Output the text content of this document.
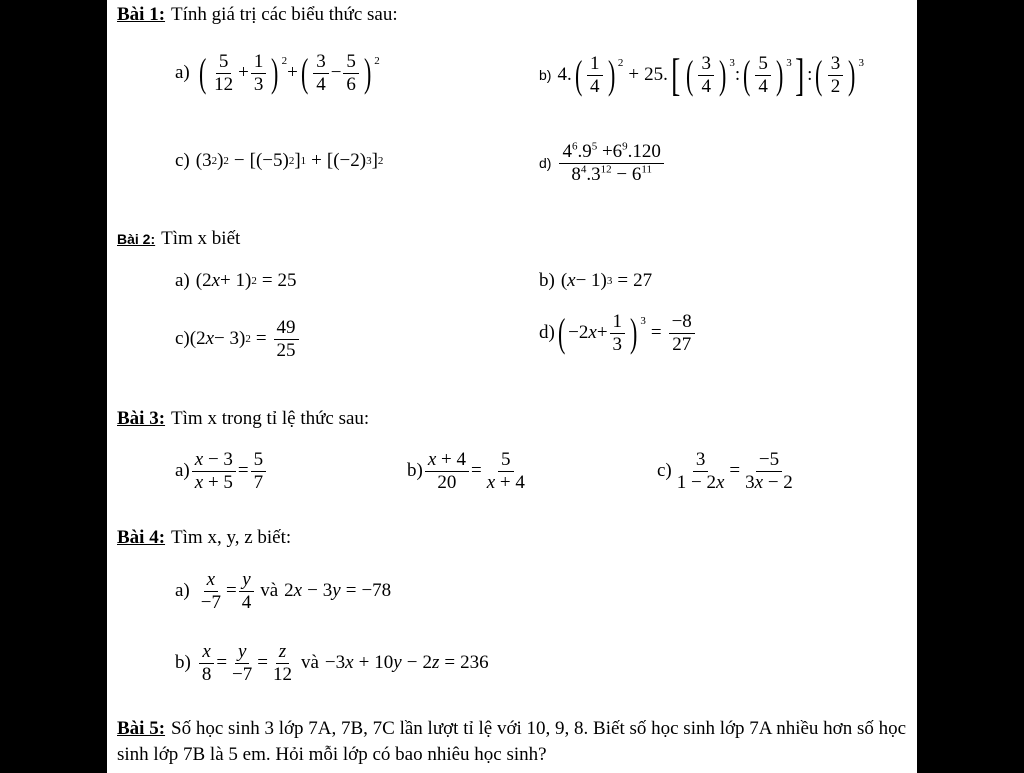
Bài 1: Tính giá trị các biểu thức sau:
a) ( $\frac{5}{12} + \frac{1}{3}$ ) $^2$
+ ( $\frac{3}{4} - \frac{5}{6}$ ) $^2$
b) 4. ( $\frac{1}{4}$ ) $^2$
+ 25. [ ( $\frac{3}{4}$ ) $^3$
: ( $\frac{5}{4}$ ) $^3$ ] : ( $\frac{3}{2}$ ) $^3$
c) (3 2 ) 2 − [(−5) 2 ] 1 + [(−2) 3 ] 2	$d) \frac{4^6.9^5 +6^9.120}{8^4.3^{12} - 6^{11}}$
Bài 2: Tìm x biết
a) (2 x + 1) 2 = 25	b) ( x − 1) 3 = 27
c) (2 x − 3) $2 = \frac{49}{25}$	d) ( −2 $x + \frac{1}{3}$ ) $^3$
= $\frac{-8}{27}$
Bài 3: Tìm x trong tỉ lệ thức sau:
$a) \frac{x - 3}{x + 5} = \frac{5}{7}$	$b) \frac{x + 4}{20} = \frac{5}{x + 4}$	$c) \frac{3}{1 - 2x} = \frac{-5}{3x - 2}$
Bài 4: Tìm x, y, z biết:
$a) \frac{x}{-7} = \frac{y}{4}$ và 2 x − 3 y = −78
$b) \frac{x}{8} = \frac{y}{-7} = \frac{z}{12}$ và −3 x + 10 y − 2 z = 236
Bài 5: Số học sinh 3 lớp 7A, 7B, 7C lần lượt tỉ lệ với 10, 9, 8. Biết số học sinh lớp 7A nhiều hơn số học sinh lớp 7B là 5 em. Hỏi mỗi lớp có bao nhiêu học sinh?
